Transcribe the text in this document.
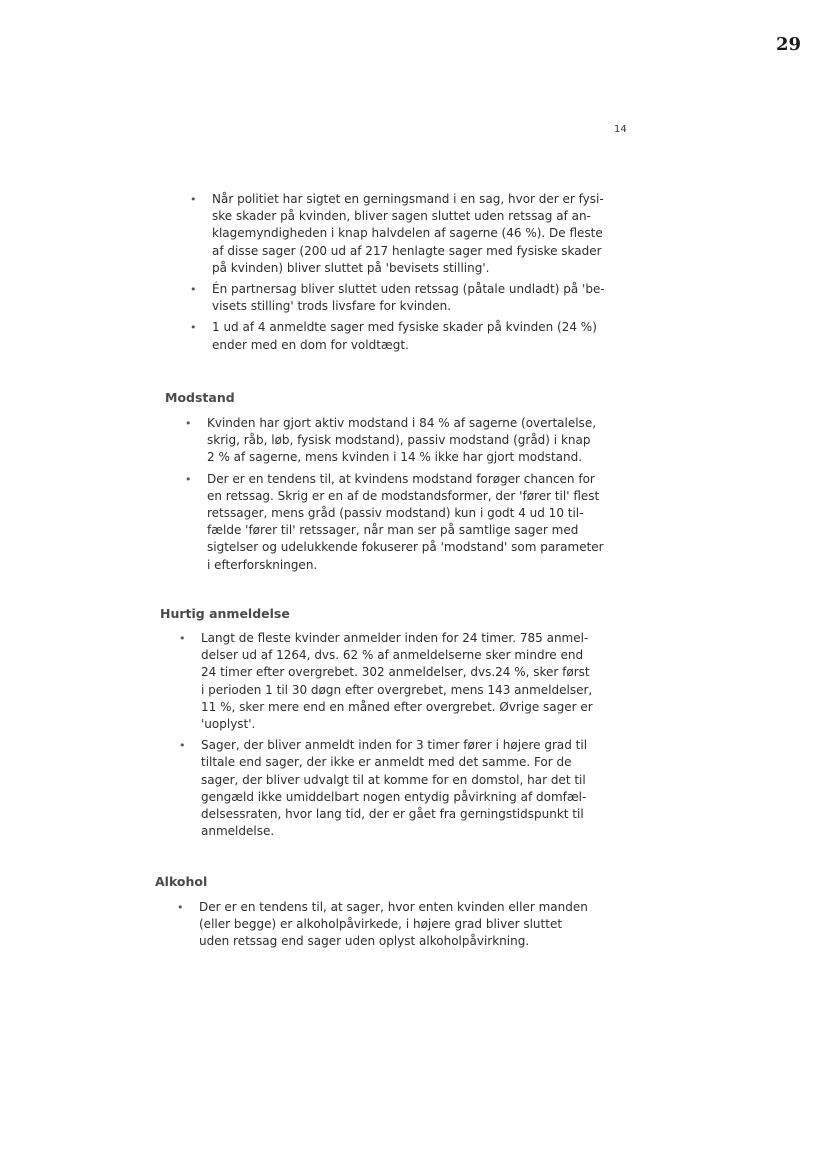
29
14
• Når politiet har sigtet en gerningsmand i en sag, hvor der er fysi-
ske skader på kvinden, bliver sagen sluttet uden retssag af an-
klagemyndigheden i knap halvdelen af sagerne (46 %). De fleste
af disse sager (200 ud af 217 henlagte sager med fysiske skader
på kvinden) bliver sluttet på 'bevisets stilling'.
• Én partnersag bliver sluttet uden retssag (påtale undladt) på 'be-
visets stilling' trods livsfare for kvinden.
• 1 ud af 4 anmeldte sager med fysiske skader på kvinden (24 %)
ender med en dom for voldtægt.
Modstand
• Kvinden har gjort aktiv modstand i 84 % af sagerne (overtalelse,
skrig, råb, løb, fysisk modstand), passiv modstand (gråd) i knap
2 % af sagerne, mens kvinden i 14 % ikke har gjort modstand.
• Der er en tendens til, at kvindens modstand forøger chancen for
en retssag. Skrig er en af de modstandsformer, der 'fører til' flest
retssager, mens gråd (passiv modstand) kun i godt 4 ud 10 til-
fælde 'fører til' retssager, når man ser på samtlige sager med
sigtelser og udelukkende fokuserer på 'modstand' som parameter
i efterforskningen.
Hurtig anmeldelse
• Langt de fleste kvinder anmelder inden for 24 timer. 785 anmel-
delser ud af 1264, dvs. 62 % af anmeldelserne sker mindre end
24 timer efter overgrebet. 302 anmeldelser, dvs.24 %, sker først
i perioden 1 til 30 døgn efter overgrebet, mens 143 anmeldelser,
11 %, sker mere end en måned efter overgrebet. Øvrige sager er
'uoplyst'.
• Sager, der bliver anmeldt inden for 3 timer fører i højere grad til
tiltale end sager, der ikke er anmeldt med det samme. For de
sager, der bliver udvalgt til at komme for en domstol, har det til
gengæld ikke umiddelbart nogen entydig påvirkning af domfæl-
delsessraten, hvor lang tid, der er gået fra gerningstidspunkt til
anmeldelse.
Alkohol
• Der er en tendens til, at sager, hvor enten kvinden eller manden
(eller begge) er alkoholpåvirkede, i højere grad bliver sluttet
uden retssag end sager uden oplyst alkoholpåvirkning.
